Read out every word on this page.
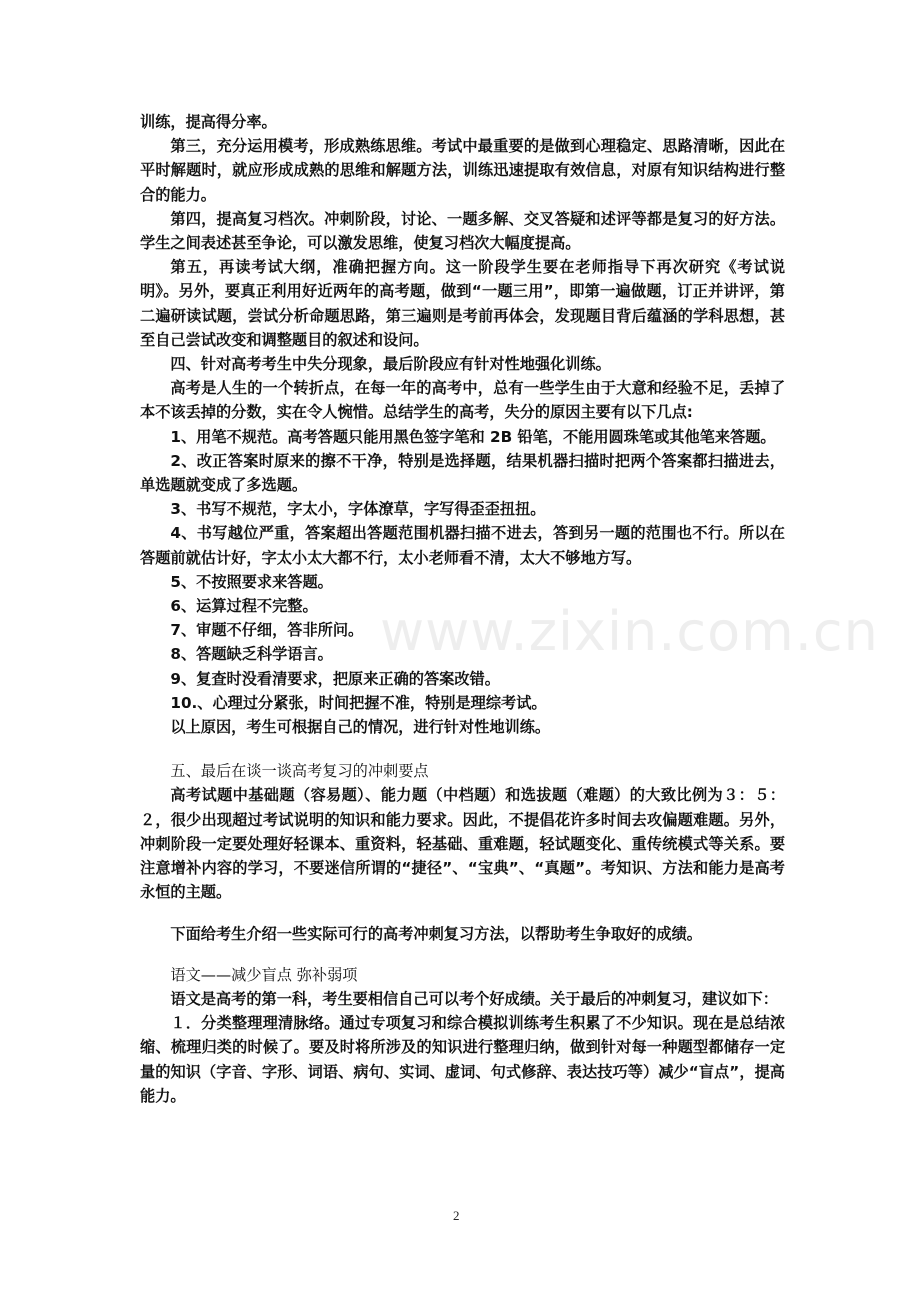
训练，提高得分率。

第三，充分运用模考，形成熟练思维。考试中最重要的是做到心理稳定、思路清晰，因此在平时解题时，就应形成成熟的思维和解题方法，训练迅速提取有效信息，对原有知识结构进行整合的能力。

第四，提高复习档次。冲刺阶段，讨论、一题多解、交叉答疑和述评等都是复习的好方法。学生之间表述甚至争论，可以激发思维，使复习档次大幅度提高。

第五，再读考试大纲，准确把握方向。这一阶段学生要在老师指导下再次研究《考试说明》。另外，要真正利用好近两年的高考题，做到“一题三用”，即第一遍做题，订正并讲评，第二遍研读试题，尝试分析命题思路，第三遍则是考前再体会，发现题目背后蕴涵的学科思想，甚至自己尝试改变和调整题目的叙述和设问。

四、针对高考考生中失分现象，最后阶段应有针对性地强化训练。

高考是人生的一个转折点，在每一年的高考中，总有一些学生由于大意和经验不足，丢掉了本不该丢掉的分数，实在令人惋惜。总结学生的高考，失分的原因主要有以下几点:

1、用笔不规范。高考答题只能用黑色签字笔和 2B 铅笔，不能用圆珠笔或其他笔来答题。

2、改正答案时原来的擦不干净，特别是选择题，结果机器扫描时把两个答案都扫描进去，单选题就变成了多选题。

3、书写不规范，字太小，字体潦草，字写得歪歪扭扭。

4、书写越位严重，答案超出答题范围机器扫描不进去，答到另一题的范围也不行。所以在答题前就估计好，字太小太大都不行，太小老师看不清，太大不够地方写。

5、不按照要求来答题。

6、运算过程不完整。

7、审题不仔细，答非所问。

8、答题缺乏科学语言。

9、复查时没看清要求，把原来正确的答案改错。

10.、心理过分紧张，时间把握不准，特别是理综考试。

以上原因，考生可根据自己的情况，进行针对性地训练。

五、最后在谈一谈高考复习的冲刺要点

高考试题中基础题（容易题）、能力题（中档题）和选拔题（难题）的大致比例为３：５：２，很少出现超过考试说明的知识和能力要求。因此，不提倡花许多时间去攻偏题难题。另外，冲刺阶段一定要处理好轻课本、重资料，轻基础、重难题，轻试题变化、重传统模式等关系。要注意增补内容的学习，不要迷信所谓的“捷径”、“宝典”、“真题”。考知识、方法和能力是高考永恒的主题。

下面给考生介绍一些实际可行的高考冲刺复习方法，以帮助考生争取好的成绩。

语文——减少盲点 弥补弱项

语文是高考的第一科，考生要相信自己可以考个好成绩。关于最后的冲刺复习，建议如下：

１．分类整理理清脉络。通过专项复习和综合模拟训练考生积累了不少知识。现在是总结浓缩、梳理归类的时候了。要及时将所涉及的知识进行整理归纳，做到针对每一种题型都储存一定量的知识（字音、字形、词语、病句、实词、虚词、句式修辞、表达技巧等）减少“盲点”，提高能力。

www.zixin.com.cn
2
